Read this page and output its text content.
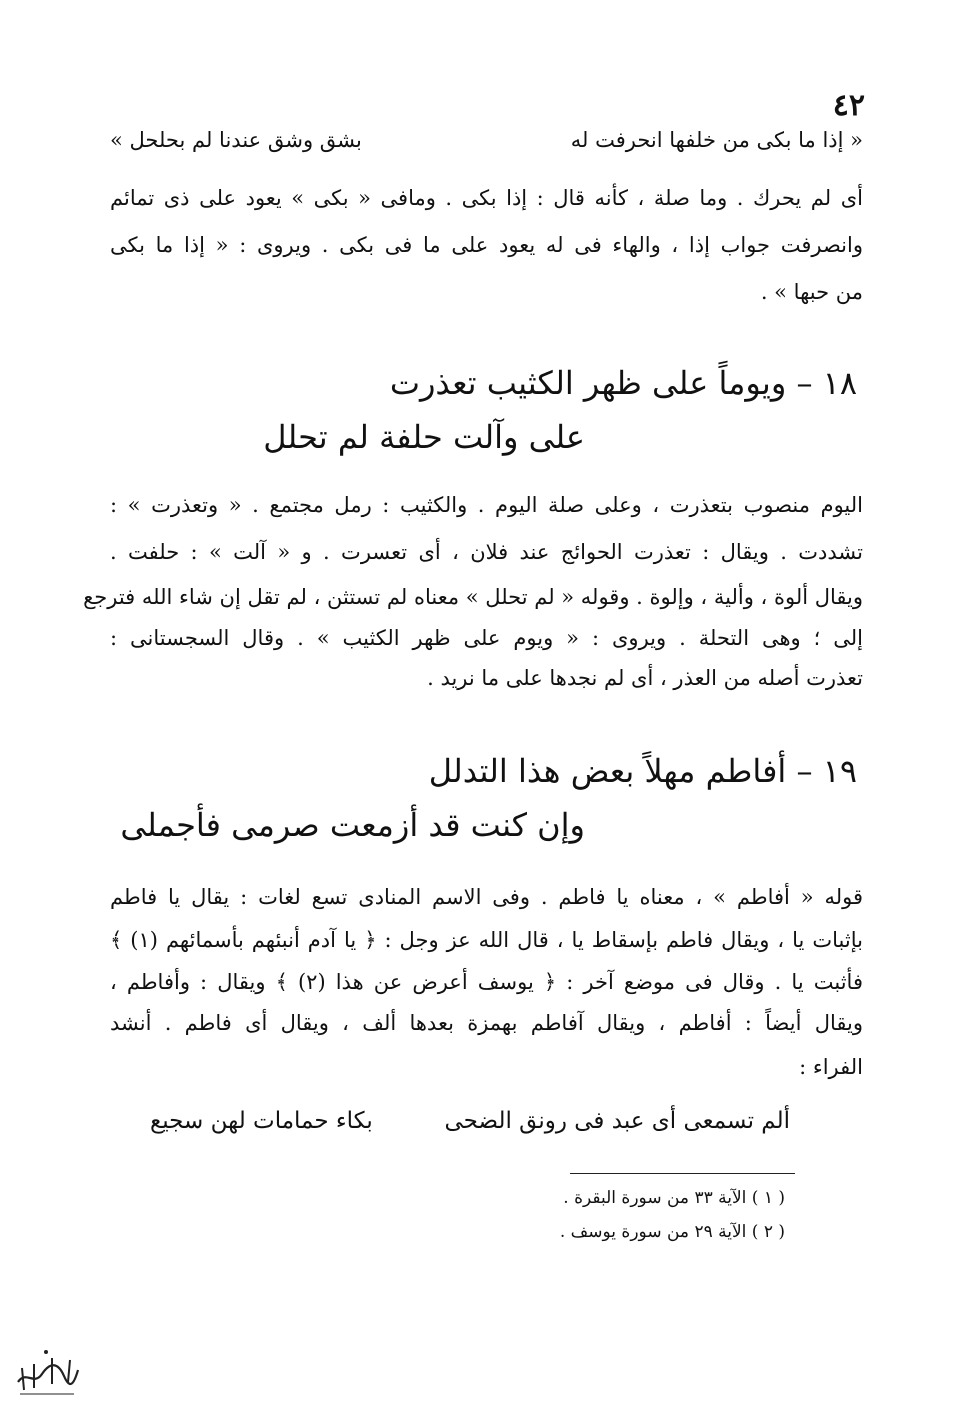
٤٢
« إذا ما بكى من خلفها انحرفت له
بشق وشق عندنا لم بحلحل »
أى لم يحرك . وما صلة ، كأنه قال : إذا بكى . ومافى « بكى » يعود على ذى تمائم
وانصرفت جواب إذا ، والهاء فى له يعود على ما فى بكى . ويروى : « إذا ما بكى
من حبها » .
١٨ – ويوماً على ظهر الكثيب تعذرت
على وآلت حلفة لم تحلل
اليوم منصوب بتعذرت ، وعلى صلة اليوم . والكثيب : رمل مجتمع . « وتعذرت » :
تشددت . ويقال : تعذرت الحوائج عند فلان ، أى تعسرت . و « آلت » : حلفت .
ويقال ألوة ، وألية ، وإلوة . وقوله « لم تحلل » معناه لم تستثن ، لم تقل إن شاء الله فترجع
إلى ؛ وهى التحلة . ويروى : « ويوم على ظهر الكثيب » . وقال السجستانى :
تعذرت أصله من العذر ، أى لم نجدها على ما نريد .
١٩ – أفاطم مهلاً بعض هذا التدلل
وإن كنت قد أزمعت صرمى فأجملى
قوله « أفاطم » ، معناه يا فاطم . وفى الاسم المنادى تسع لغات : يقال يا فاطم
بإثبات يا ، ويقال فاطم بإسقاط يا ، قال الله عز وجل : ﴿ يا آدم أنبئهم بأسمائهم (١) ﴾
فأثبت يا . وقال فى موضع آخر : ﴿ يوسف أعرض عن هذا (٢) ﴾ ويقال : وأفاطم ،
ويقال أيضاً : أفاطم ، ويقال آفاطم بهمزة بعدها ألف ، ويقال أى فاطم . أنشد
الفراء :
ألم تسمعى أى عبد فى رونق الضحى
بكاء حمامات لهن سجيع
( ١ ) الآية ٣٣ من سورة البقرة .
( ٢ ) الآية ٢٩ من سورة يوسف .
